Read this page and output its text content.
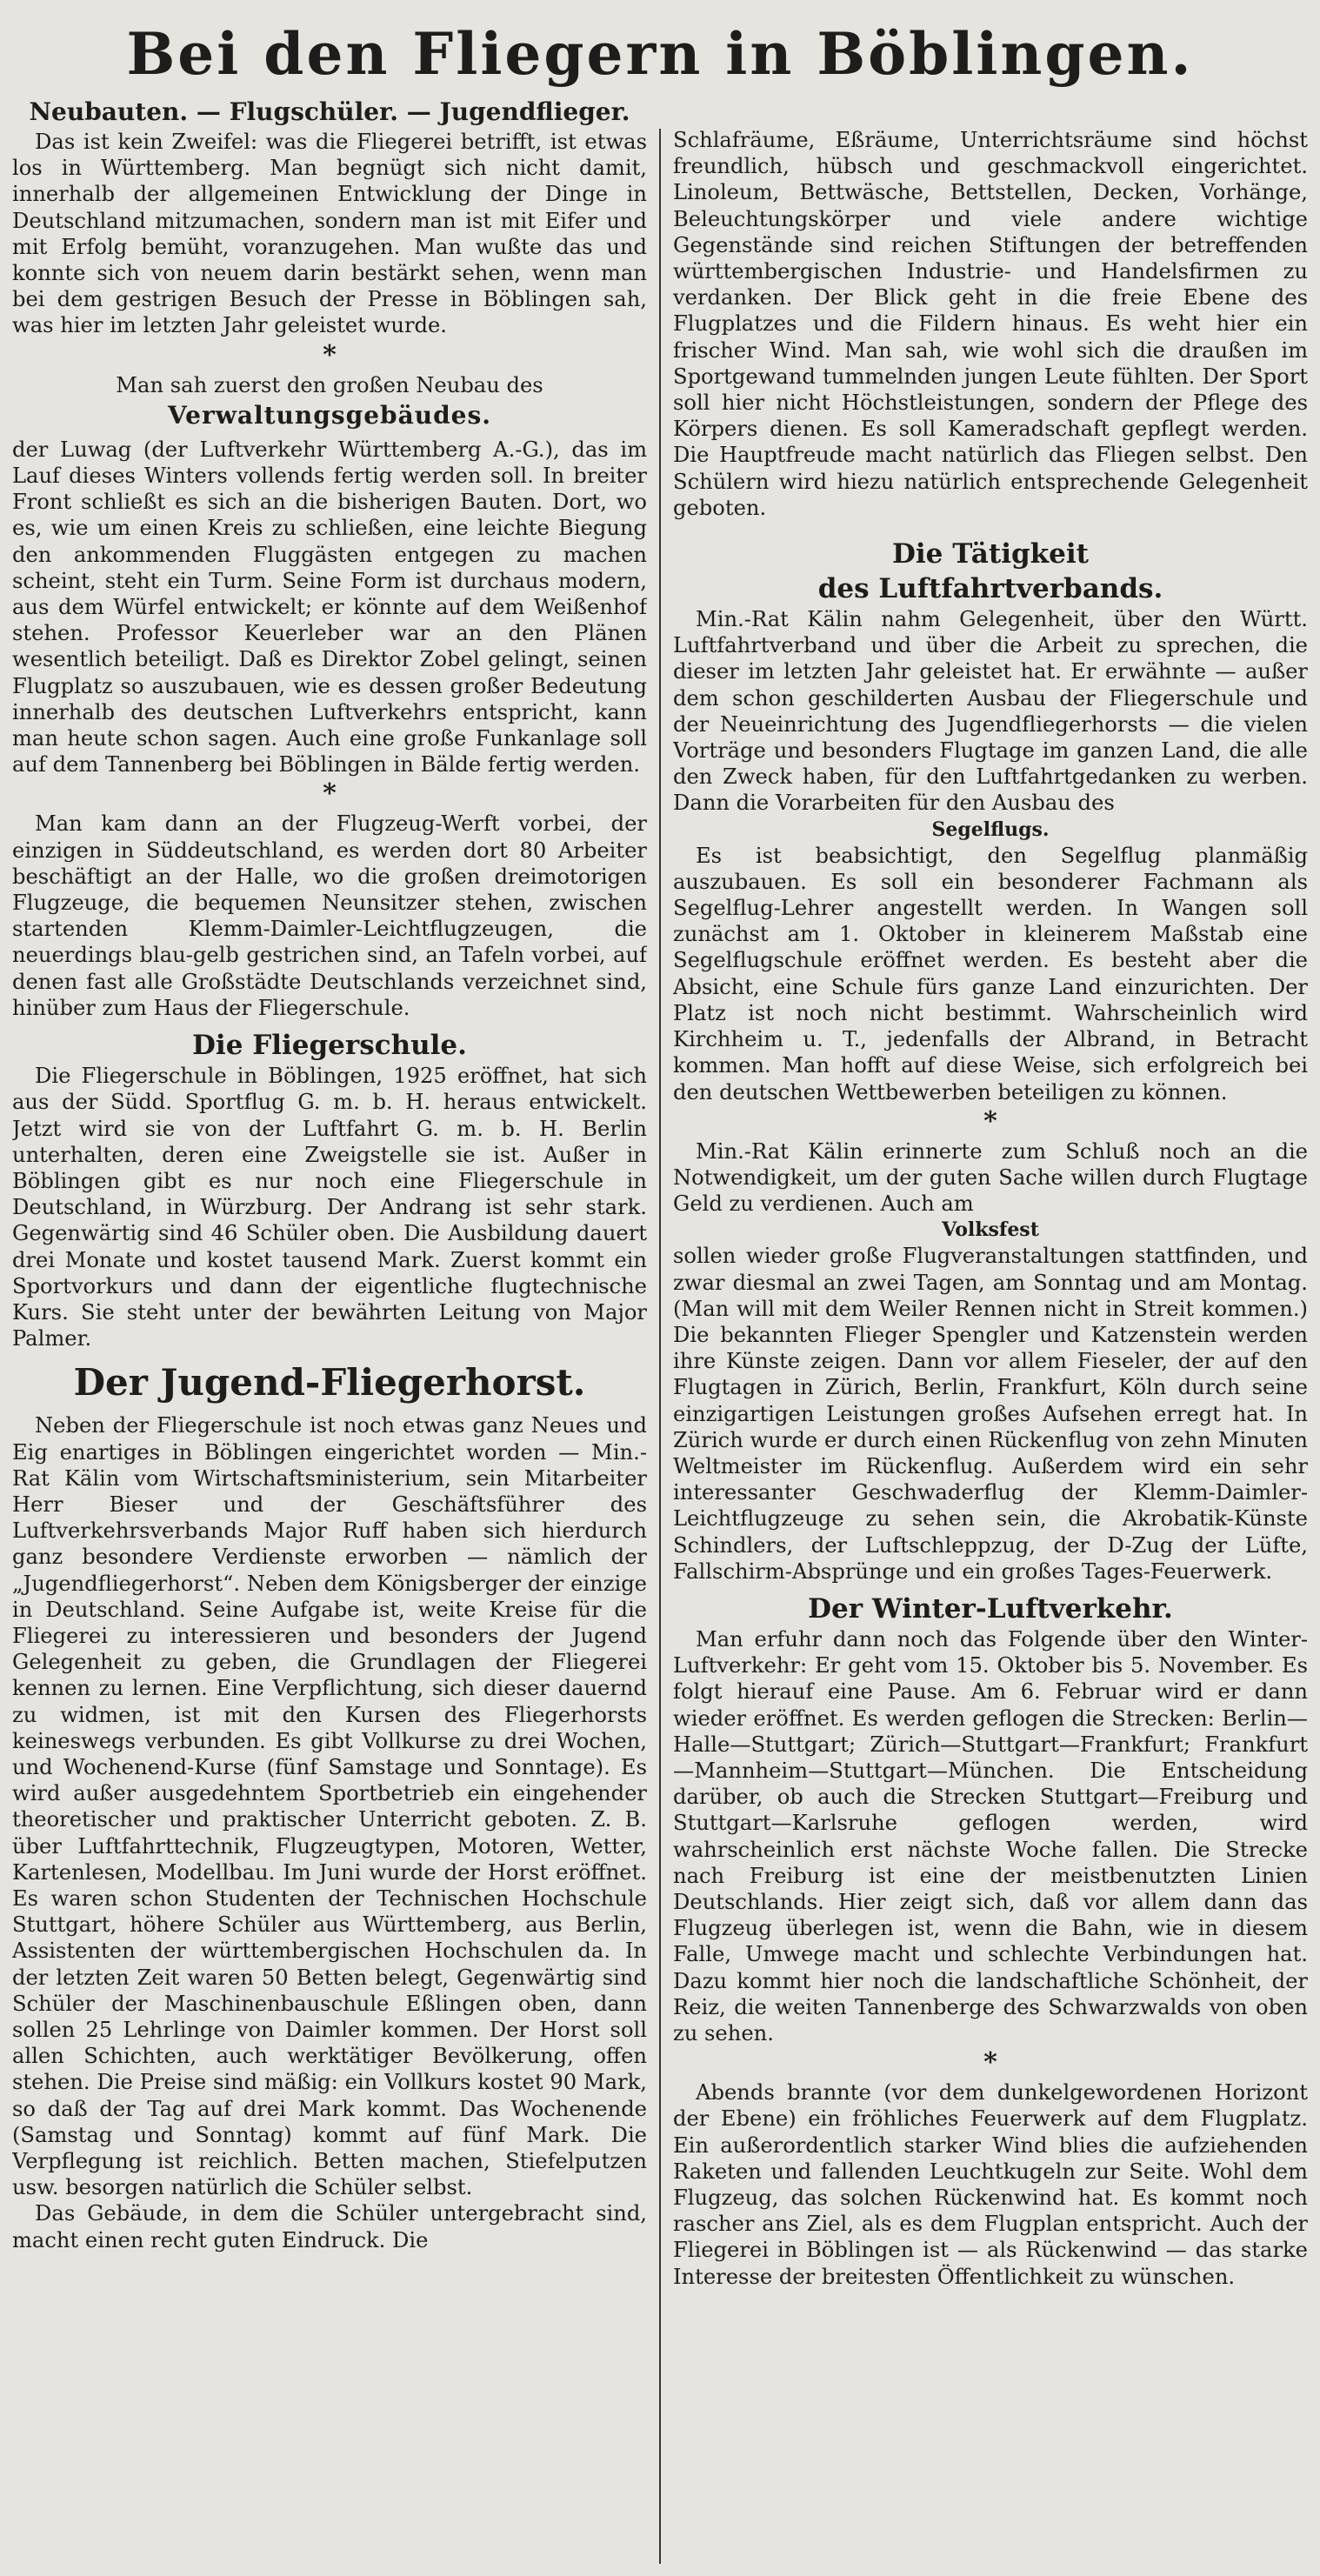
Bei den Fliegern in Böblingen.
Neubauten. — Flugschüler. — Jugendflieger.

Das ist kein Zweifel: was die Fliegerei betrifft, ist etwas los in Württemberg. Man begnügt sich nicht damit, innerhalb der allgemeinen Entwicklung der Dinge in Deutschland mitzumachen, sondern man ist mit Eifer und mit Erfolg bemüht, voranzugehen. Man wußte das und konnte sich von neuem darin bestärkt sehen, wenn man bei dem gestrigen Besuch der Presse in Böblingen sah, was hier im letzten Jahr geleistet wurde.

*

Man sah zuerst den großen Neubau des

Verwaltungsgebäudes.

der Luwag (der Luftverkehr Württemberg A.-G.), das im Lauf dieses Winters vollends fertig werden soll. In breiter Front schließt es sich an die bisherigen Bauten. Dort, wo es, wie um einen Kreis zu schließen, eine leichte Biegung den ankommenden Fluggästen entgegen zu machen scheint, steht ein Turm. Seine Form ist durchaus modern, aus dem Würfel entwickelt; er könnte auf dem Weißenhof stehen. Professor Keuerleber war an den Plänen wesentlich beteiligt. Daß es Direktor Zobel gelingt, seinen Flugplatz so auszubauen, wie es dessen großer Bedeutung innerhalb des deutschen Luftverkehrs entspricht, kann man heute schon sagen. Auch eine große Funkanlage soll auf dem Tannenberg bei Böblingen in Bälde fertig werden.

*

Man kam dann an der Flugzeug-Werft vorbei, der einzigen in Süddeutschland, es werden dort 80 Arbeiter beschäftigt an der Halle, wo die großen dreimotorigen Flugzeuge, die bequemen Neunsitzer stehen, zwischen startenden Klemm-Daimler-Leichtflugzeugen, die neuerdings blau-gelb gestrichen sind, an Tafeln vorbei, auf denen fast alle Großstädte Deutschlands verzeichnet sind, hinüber zum Haus der Fliegerschule.

Die Fliegerschule.

Die Fliegerschule in Böblingen, 1925 eröffnet, hat sich aus der Südd. Sportflug G. m. b. H. heraus entwickelt. Jetzt wird sie von der Luftfahrt G. m. b. H. Berlin unterhalten, deren eine Zweigstelle sie ist. Außer in Böblingen gibt es nur noch eine Fliegerschule in Deutschland, in Würzburg. Der Andrang ist sehr stark. Gegenwärtig sind 46 Schüler oben. Die Ausbildung dauert drei Monate und kostet tausend Mark. Zuerst kommt ein Sportvorkurs und dann der eigentliche flugtechnische Kurs. Sie steht unter der bewährten Leitung von Major Palmer.

Der Jugend-Fliegerhorst.

Neben der Fliegerschule ist noch etwas ganz Neues und Eig enartiges in Böblingen eingerichtet worden — Min.-Rat Kälin vom Wirtschaftsministerium, sein Mitarbeiter Herr Bieser und der Geschäftsführer des Luftverkehrsverbands Major Ruff haben sich hierdurch ganz besondere Verdienste erworben — nämlich der „Jugendfliegerhorst“. Neben dem Königsberger der einzige in Deutschland. Seine Aufgabe ist, weite Kreise für die Fliegerei zu interessieren und besonders der Jugend Gelegenheit zu geben, die Grundlagen der Fliegerei kennen zu lernen. Eine Verpflichtung, sich dieser dauernd zu widmen, ist mit den Kursen des Fliegerhorsts keineswegs verbunden. Es gibt Vollkurse zu drei Wochen, und Wochenend-Kurse (fünf Samstage und Sonntage). Es wird außer ausgedehntem Sportbetrieb ein eingehender theoretischer und praktischer Unterricht geboten. Z. B. über Luftfahrttechnik, Flugzeugtypen, Motoren, Wetter, Kartenlesen, Modellbau. Im Juni wurde der Horst eröffnet. Es waren schon Studenten der Technischen Hochschule Stuttgart, höhere Schüler aus Württemberg, aus Berlin, Assistenten der württembergischen Hochschulen da. In der letzten Zeit waren 50 Betten belegt, Gegenwärtig sind Schüler der Maschinenbauschule Eßlingen oben, dann sollen 25 Lehrlinge von Daimler kommen. Der Horst soll allen Schichten, auch werktätiger Bevölkerung, offen stehen. Die Preise sind mäßig: ein Vollkurs kostet 90 Mark, so daß der Tag auf drei Mark kommt. Das Wochenende (Samstag und Sonntag) kommt auf fünf Mark. Die Verpflegung ist reichlich. Betten machen, Stiefelputzen usw. besorgen natürlich die Schüler selbst.

Das Gebäude, in dem die Schüler untergebracht sind, macht einen recht guten Eindruck. Die

Schlafräume, Eßräume, Unterrichtsräume sind höchst freundlich, hübsch und geschmackvoll eingerichtet. Linoleum, Bettwäsche, Bettstellen, Decken, Vorhänge, Beleuchtungskörper und viele andere wichtige Gegenstände sind reichen Stiftungen der betreffenden württembergischen Industrie- und Handelsfirmen zu verdanken. Der Blick geht in die freie Ebene des Flugplatzes und die Fildern hinaus. Es weht hier ein frischer Wind. Man sah, wie wohl sich die draußen im Sportgewand tummelnden jungen Leute fühlten. Der Sport soll hier nicht Höchstleistungen, sondern der Pflege des Körpers dienen. Es soll Kameradschaft gepflegt werden. Die Hauptfreude macht natürlich das Fliegen selbst. Den Schülern wird hiezu natürlich entsprechende Gelegenheit geboten.

Die Tätigkeit
des Luftfahrtverbands.

Min.-Rat Kälin nahm Gelegenheit, über den Württ. Luftfahrtverband und über die Arbeit zu sprechen, die dieser im letzten Jahr geleistet hat. Er erwähnte — außer dem schon geschilderten Ausbau der Fliegerschule und der Neueinrichtung des Jugendfliegerhorsts — die vielen Vorträge und besonders Flugtage im ganzen Land, die alle den Zweck haben, für den Luftfahrtgedanken zu werben. Dann die Vorarbeiten für den Ausbau des

Segelflugs.

Es ist beabsichtigt, den Segelflug planmäßig auszubauen. Es soll ein besonderer Fachmann als Segelflug-Lehrer angestellt werden. In Wangen soll zunächst am 1. Oktober in kleinerem Maßstab eine Segelflugschule eröffnet werden. Es besteht aber die Absicht, eine Schule fürs ganze Land einzurichten. Der Platz ist noch nicht bestimmt. Wahrscheinlich wird Kirchheim u. T., jedenfalls der Albrand, in Betracht kommen. Man hofft auf diese Weise, sich erfolgreich bei den deutschen Wettbewerben beteiligen zu können.

*

Min.-Rat Kälin erinnerte zum Schluß noch an die Notwendigkeit, um der guten Sache willen durch Flugtage Geld zu verdienen. Auch am

Volksfest

sollen wieder große Flugveranstaltungen stattfinden, und zwar diesmal an zwei Tagen, am Sonntag und am Montag. (Man will mit dem Weiler Rennen nicht in Streit kommen.) Die bekannten Flieger Spengler und Katzenstein werden ihre Künste zeigen. Dann vor allem Fieseler, der auf den Flugtagen in Zürich, Berlin, Frankfurt, Köln durch seine einzigartigen Leistungen großes Aufsehen erregt hat. In Zürich wurde er durch einen Rückenflug von zehn Minuten Weltmeister im Rückenflug. Außerdem wird ein sehr interessanter Geschwaderflug der Klemm-Daimler-Leichtflugzeuge zu sehen sein, die Akrobatik-Künste Schindlers, der Luftschleppzug, der D-Zug der Lüfte, Fallschirm-Absprünge und ein großes Tages-Feuerwerk.

Der Winter-Luftverkehr.

Man erfuhr dann noch das Folgende über den Winter-Luftverkehr: Er geht vom 15. Oktober bis 5. November. Es folgt hierauf eine Pause. Am 6. Februar wird er dann wieder eröffnet. Es werden geflogen die Strecken: Berlin—Halle—Stuttgart; Zürich—Stuttgart—Frankfurt; Frankfurt—Mannheim—Stuttgart—München. Die Entscheidung darüber, ob auch die Strecken Stuttgart—Freiburg und Stuttgart—Karlsruhe geflogen werden, wird wahrscheinlich erst nächste Woche fallen. Die Strecke nach Freiburg ist eine der meistbenutzten Linien Deutschlands. Hier zeigt sich, daß vor allem dann das Flugzeug überlegen ist, wenn die Bahn, wie in diesem Falle, Umwege macht und schlechte Verbindungen hat. Dazu kommt hier noch die landschaftliche Schönheit, der Reiz, die weiten Tannenberge des Schwarzwalds von oben zu sehen.

*

Abends brannte (vor dem dunkelgewordenen Horizont der Ebene) ein fröhliches Feuerwerk auf dem Flugplatz. Ein außerordentlich starker Wind blies die aufziehenden Raketen und fallenden Leuchtkugeln zur Seite. Wohl dem Flugzeug, das solchen Rückenwind hat. Es kommt noch rascher ans Ziel, als es dem Flugplan entspricht. Auch der Fliegerei in Böblingen ist — als Rückenwind — das starke Interesse der breitesten Öffentlichkeit zu wünschen.
